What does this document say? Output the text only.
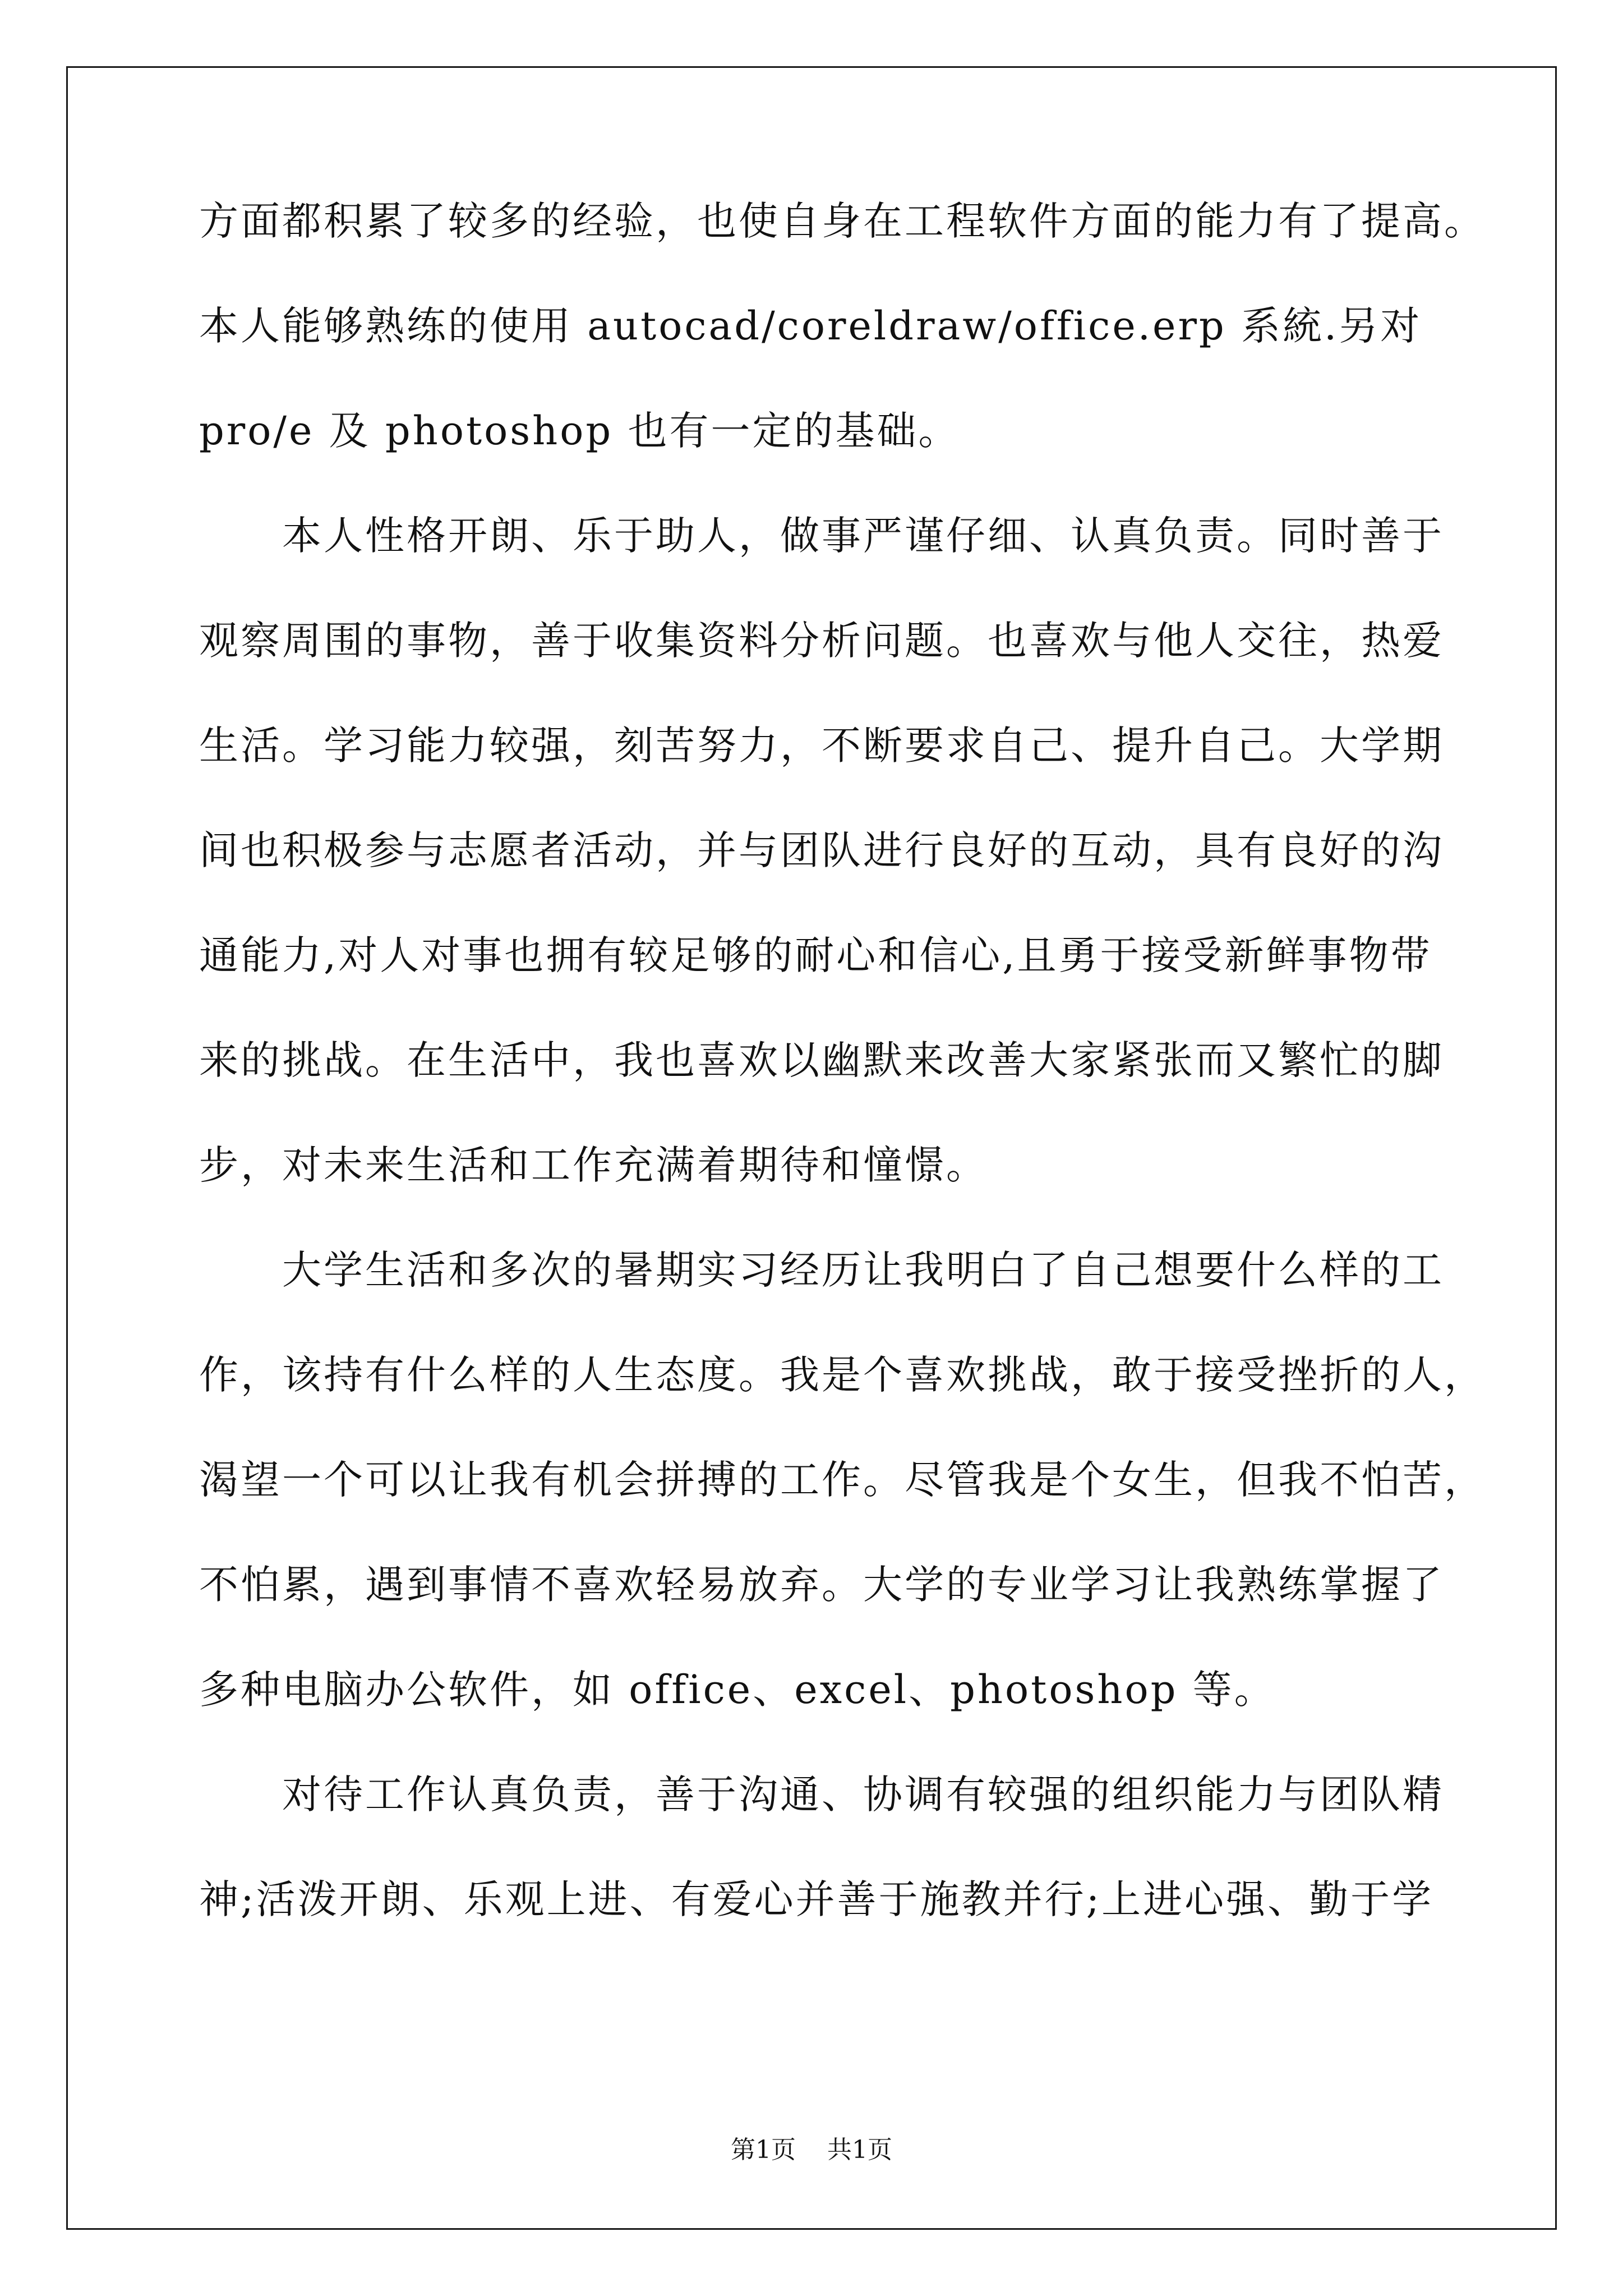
方面都积累了较多的经验，也使自身在工程软件方面的能力有了提高。
本人能够熟练的使用 autocad/coreldraw/office.erp 系統.另对
pro/e 及 photoshop 也有一定的基础。
本人性格开朗、乐于助人，做事严谨仔细、认真负责。同时善于
观察周围的事物，善于收集资料分析问题。也喜欢与他人交往，热爱
生活。学习能力较强，刻苦努力，不断要求自己、提升自己。大学期
间也积极参与志愿者活动，并与团队进行良好的互动，具有良好的沟
通能力,对人对事也拥有较足够的耐心和信心,且勇于接受新鲜事物带
来的挑战。在生活中，我也喜欢以幽默来改善大家紧张而又繁忙的脚
步，对未来生活和工作充满着期待和憧憬。
大学生活和多次的暑期实习经历让我明白了自己想要什么样的工
作，该持有什么样的人生态度。我是个喜欢挑战，敢于接受挫折的人，
渴望一个可以让我有机会拼搏的工作。尽管我是个女生，但我不怕苦，
不怕累，遇到事情不喜欢轻易放弃。大学的专业学习让我熟练掌握了
多种电脑办公软件，如 office、excel、photoshop 等。
对待工作认真负责，善于沟通、协调有较强的组织能力与团队精
神;活泼开朗、乐观上进、有爱心并善于施教并行;上进心强、勤于学
第1页    共1页
